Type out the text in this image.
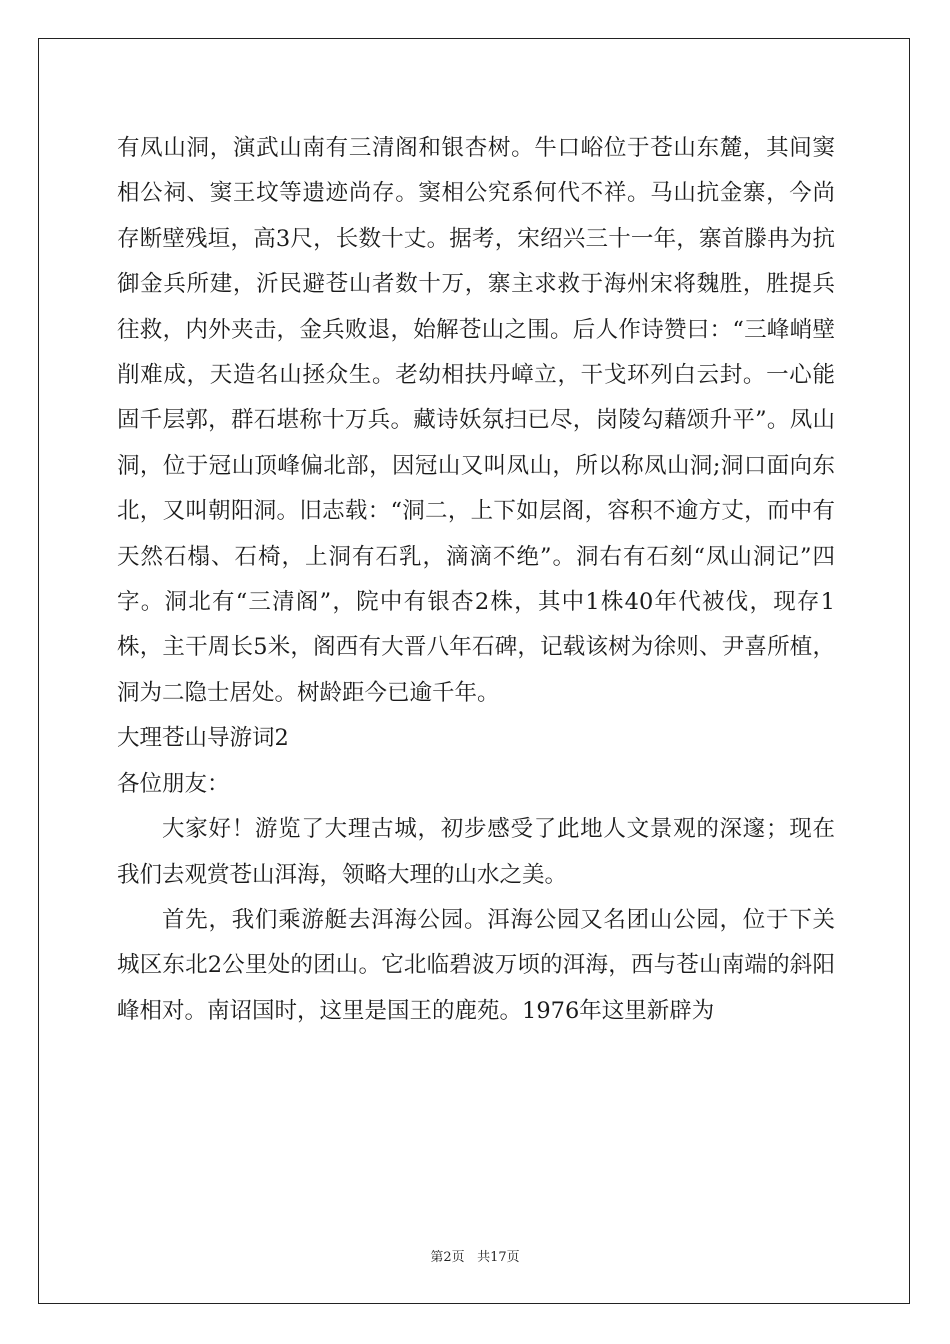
有凤山洞，演武山南有三清阁和银杏树。牛口峪位于苍山东麓，其间窦相公祠、窦王坟等遗迹尚存。窦相公究系何代不祥。马山抗金寨，今尚存断壁残垣，高3尺，长数十丈。据考，宋绍兴三十一年，寨首滕冉为抗御金兵所建，沂民避苍山者数十万，寨主求救于海州宋将魏胜，胜提兵往救，内外夹击，金兵败退，始解苍山之围。后人作诗赞曰：“三峰峭壁削难成，天造名山拯众生。老幼相扶丹嶂立，干戈环列白云封。一心能固千层郭，群石堪称十万兵。藏诗妖氛扫已尽，岗陵勾藉颂升平”。凤山洞，位于冠山顶峰偏北部，因冠山又叫凤山，所以称凤山洞;洞口面向东北，又叫朝阳洞。旧志载：“洞二，上下如层阁，容积不逾方丈，而中有天然石榻、石椅，上洞有石乳，滴滴不绝”。洞右有石刻“凤山洞记”四字。洞北有“三清阁”，院中有银杏2株，其中1株40年代被伐，现存1株，主干周长5米，阁西有大晋八年石碑，记载该树为徐则、尹喜所植，洞为二隐士居处。树龄距今已逾千年。

大理苍山导游词2

各位朋友：

大家好！游览了大理古城，初步感受了此地人文景观的深邃；现在我们去观赏苍山洱海，领略大理的山水之美。

首先，我们乘游艇去洱海公园。洱海公园又名团山公园，位于下关城区东北2公里处的团山。它北临碧波万顷的洱海，西与苍山南端的斜阳峰相对。南诏国时，这里是国王的鹿苑。1976年这里新辟为

第2页 共17页
